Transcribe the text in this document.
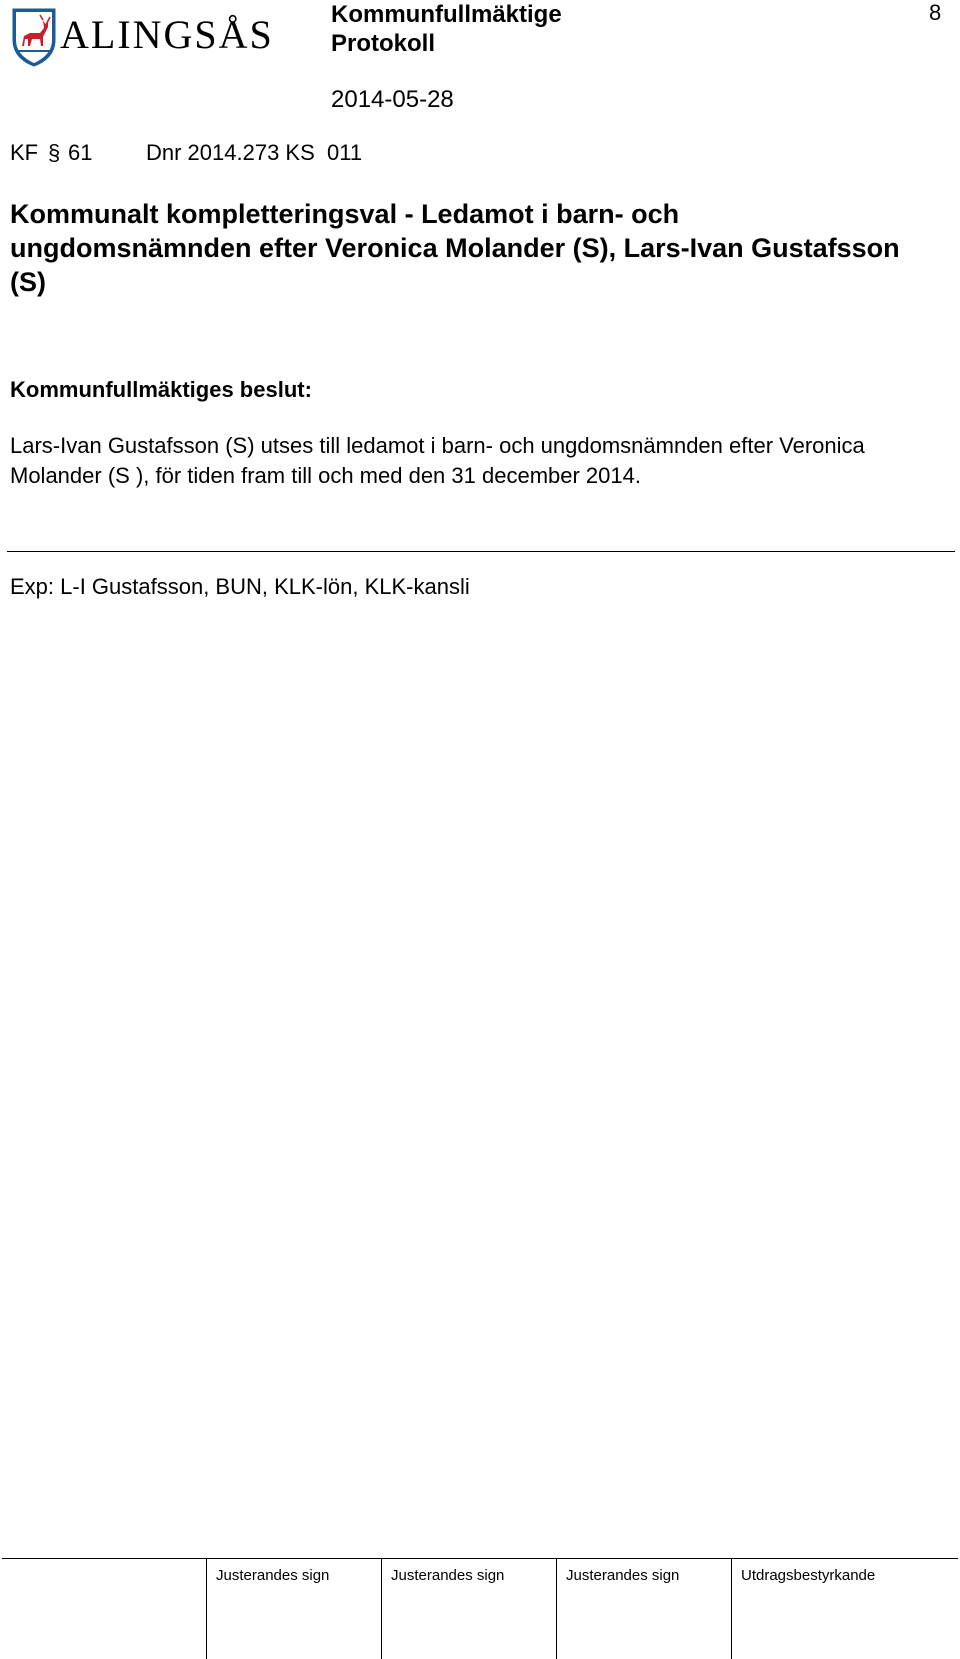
ALINGSÅS Kommunfullmäktige
Protokoll
8
2014-05-28
KF § 61 Dnr 2014.273 KS  011
Kommunalt kompletteringsval - Ledamot i barn- och ungdomsnämnden efter Veronica Molander (S), Lars-Ivan Gustafsson (S)
Kommunfullmäktiges beslut:

Lars-Ivan Gustafsson (S) utses till ledamot i barn- och ungdomsnämnden efter Veronica Molander (S ), för tiden fram till och med den 31 december 2014.

Exp: L-I Gustafsson, BUN, KLK-lön, KLK-kansli
Justerandes sign	Justerandes sign	Justerandes sign	Utdragsbestyrkande
